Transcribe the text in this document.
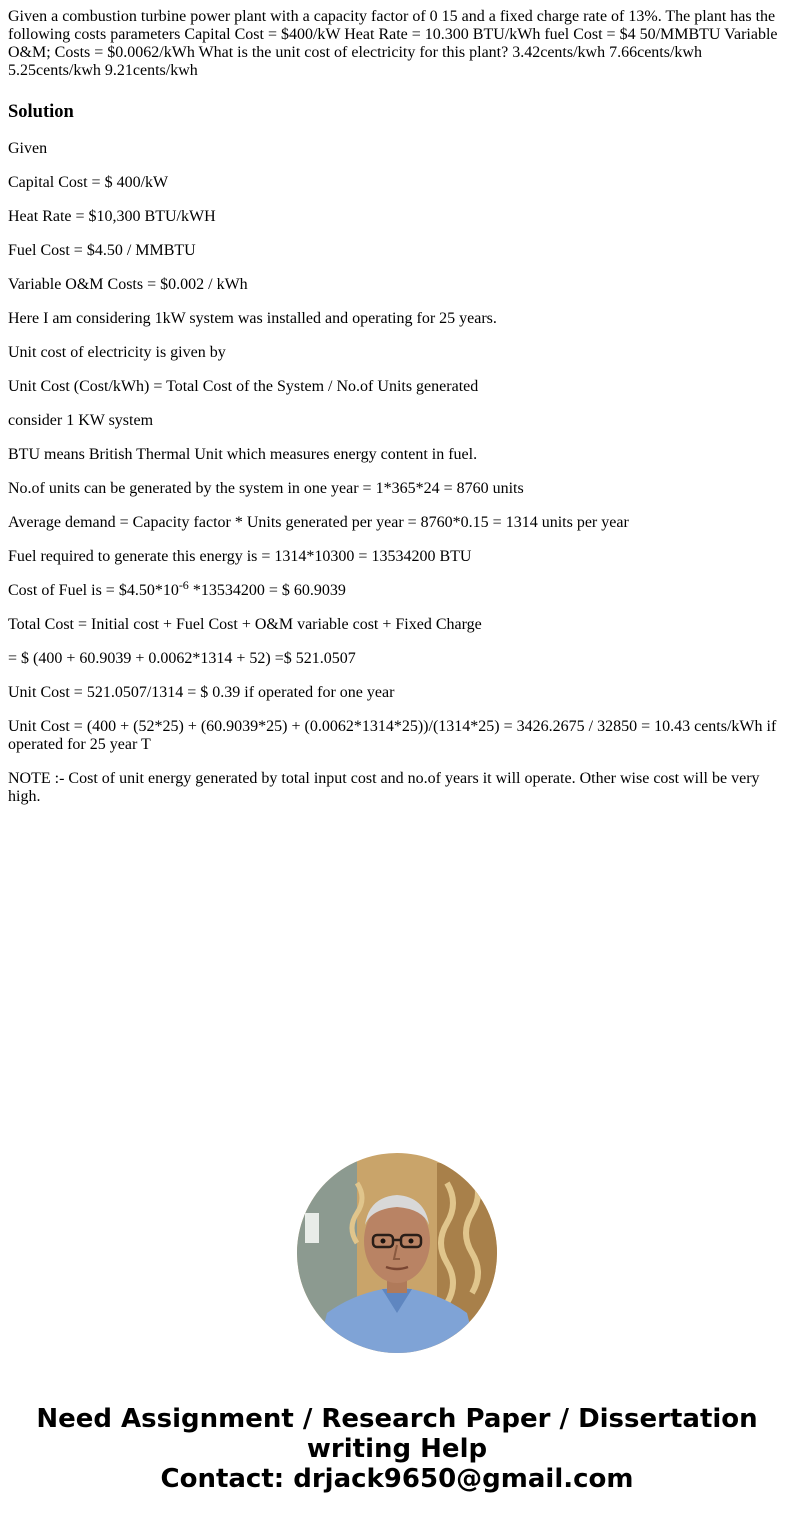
Given a combustion turbine power plant with a capacity factor of 0 15 and a fixed charge rate of 13%. The plant has the following costs parameters Capital Cost = $400/kW Heat Rate = 10.300 BTU/kWh fuel Cost = $4 50/MMBTU Variable O&M; Costs = $0.0062/kWh What is the unit cost of electricity for this plant? 3.42cents/kwh 7.66cents/kwh 5.25cents/kwh 9.21cents/kwh

Solution

Given

Capital Cost = $ 400/kW

Heat Rate = $10,300 BTU/kWH

Fuel Cost = $4.50 / MMBTU

Variable O&M Costs = $0.002 / kWh

Here I am considering 1kW system was installed and operating for 25 years.

Unit cost of electricity is given by

Unit Cost (Cost/kWh) = Total Cost of the System / No.of Units generated

consider 1 KW system

BTU means British Thermal Unit which measures energy content in fuel.

No.of units can be generated by the system in one year = 1*365*24 = 8760 units

Average demand = Capacity factor * Units generated per year = 8760*0.15 = 1314 units per year

Fuel required to generate this energy is = 1314*10300 = 13534200 BTU

Cost of Fuel is = $\$4.50*10^{-6}$ *13534200 = $ 60.9039

Total Cost = Initial cost + Fuel Cost + O&M variable cost + Fixed Charge

= $ (400 + 60.9039 + 0.0062*1314 + 52) =$ 521.0507

Unit Cost = 521.0507/1314 = $ 0.39 if operated for one year

Unit Cost = (400 + (52*25) + (60.9039*25) + (0.0062*1314*25))/(1314*25) = 3426.2675 / 32850 = 10.43 cents/kWh if operated for 25 year T

NOTE :- Cost of unit energy generated by total input cost and no.of years it will operate. Other wise cost will be very high.

Need Assignment / Research Paper / Dissertation
writing Help
Contact: drjack9650@gmail.com
